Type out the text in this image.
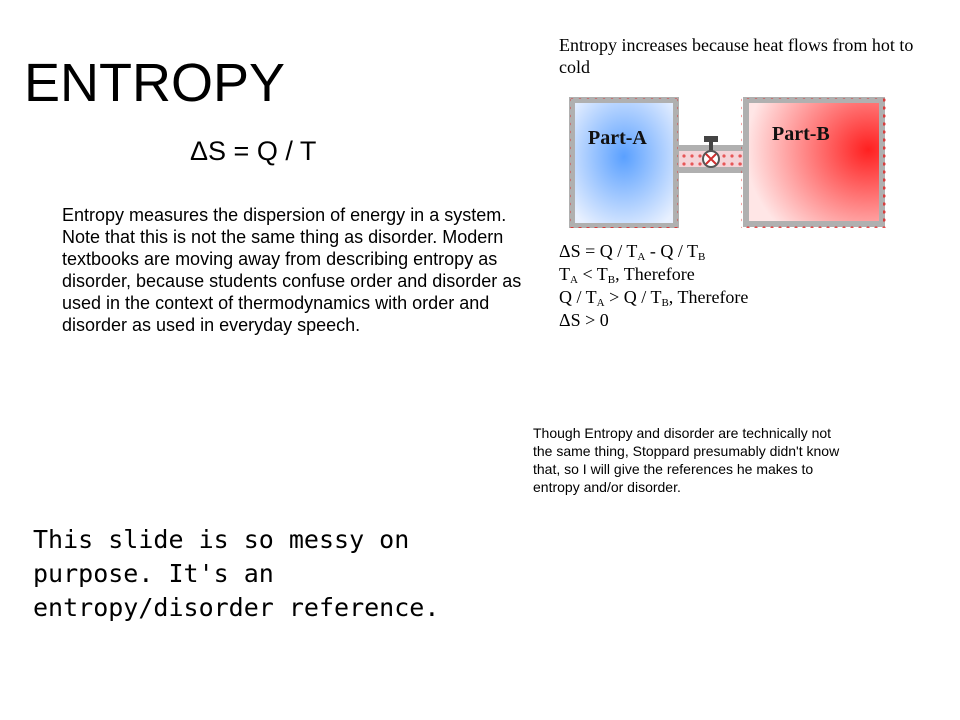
ENTROPY
ΔS = Q / T
Entropy measures the dispersion of energy in a system. Note that this is not the same thing as disorder. Modern textbooks are moving away from describing entropy as disorder, because students confuse order and disorder as used in the context of thermodynamics with order and disorder as used in everyday speech.
Entropy increases because heat flows from hot to cold
Part-A	Part-B
$\Delta S = Q / T_A - Q / T_B$
$T_A < T_B$, Therefore
$Q / T_A > Q / T_B$, Therefore
ΔS > 0
Though Entropy and disorder are technically not the same thing, Stoppard presumably didn't know that, so I will give the references he makes to entropy and/or disorder.
This slide is so messy on purpose. It's an entropy/disorder reference.
